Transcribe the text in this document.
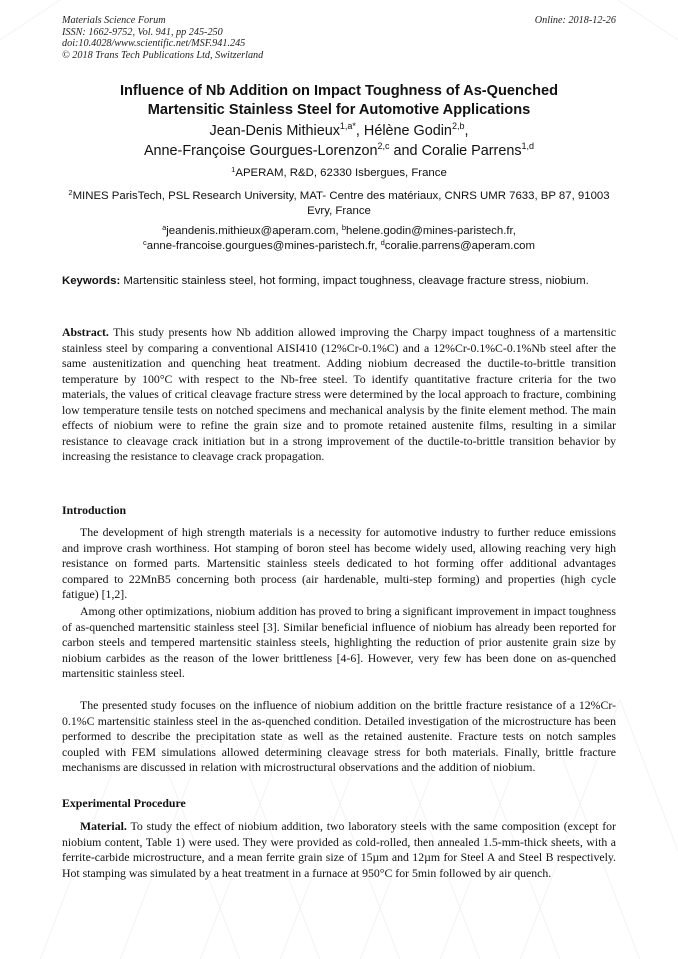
Materials Science Forum
ISSN: 1662-9752, Vol. 941, pp 245-250
doi:10.4028/www.scientific.net/MSF.941.245
© 2018 Trans Tech Publications Ltd, Switzerland
Online: 2018-12-26
Influence of Nb Addition on Impact Toughness of As-Quenched
Martensitic Stainless Steel for Automotive Applications
Jean-Denis Mithieux$^{1,a*}$, Hélène Godin$^{2,b}$,
Anne-Françoise Gourgues-Lorenzon$^{2,c}$ and Coralie Parrens$^{1,d}$
$^1$APERAM, R&D, 62330 Isbergues, France
$^2$MINES ParisTech, PSL Research University, MAT- Centre des matériaux, CNRS UMR 7633, BP 87, 91003 Evry, France
$^a$jeandenis.mithieux@aperam.com, $^b$helene.godin@mines-paristech.fr,
$^c$anne-francoise.gourgues@mines-paristech.fr, $^d$coralie.parrens@aperam.com
Keywords: Martensitic stainless steel, hot forming, impact toughness, cleavage fracture stress, niobium.
Abstract. This study presents how Nb addition allowed improving the Charpy impact toughness of a martensitic stainless steel by comparing a conventional AISI410 (12%Cr-0.1%C) and a 12%Cr-0.1%C-0.1%Nb steel after the same austenitization and quenching heat treatment. Adding niobium decreased the ductile-to-brittle transition temperature by 100°C with respect to the Nb-free steel. To identify quantitative fracture criteria for the two materials, the values of critical cleavage fracture stress were determined by the local approach to fracture, combining low temperature tensile tests on notched specimens and mechanical analysis by the finite element method. The main effects of niobium were to refine the grain size and to promote retained austenite films, resulting in a similar resistance to cleavage crack initiation but in a strong improvement of the ductile-to-brittle transition behavior by increasing the resistance to cleavage crack propagation.
Introduction

The development of high strength materials is a necessity for automotive industry to further reduce emissions and improve crash worthiness. Hot stamping of boron steel has become widely used, allowing reaching very high resistance on formed parts. Martensitic stainless steels dedicated to hot forming offer additional advantages compared to 22MnB5 concerning both process (air hardenable, multi-step forming) and properties (high cycle fatigue) [1,2].

Among other optimizations, niobium addition has proved to bring a significant improvement in impact toughness of as-quenched martensitic stainless steel [3]. Similar beneficial influence of niobium has already been reported for carbon steels and tempered martensitic stainless steels, highlighting the reduction of prior austenite grain size by niobium carbides as the reason of the lower brittleness [4-6]. However, very few has been done on as-quenched martensitic stainless steel.

The presented study focuses on the influence of niobium addition on the brittle fracture resistance of a 12%Cr-0.1%C martensitic stainless steel in the as-quenched condition. Detailed investigation of the microstructure has been performed to describe the precipitation state as well as the retained austenite. Fracture tests on notch samples coupled with FEM simulations allowed determining cleavage stress for both materials. Finally, brittle fracture mechanisms are discussed in relation with microstructural observations and the addition of niobium.

Experimental Procedure

Material. To study the effect of niobium addition, two laboratory steels with the same composition (except for niobium content, Table 1) were used. They were provided as cold-rolled, then annealed 1.5-mm-thick sheets, with a ferrite-carbide microstructure, and a mean ferrite grain size of 15µm and 12µm for Steel A and Steel B respectively. Hot stamping was simulated by a heat treatment in a furnace at 950°C for 5min followed by air quench.
